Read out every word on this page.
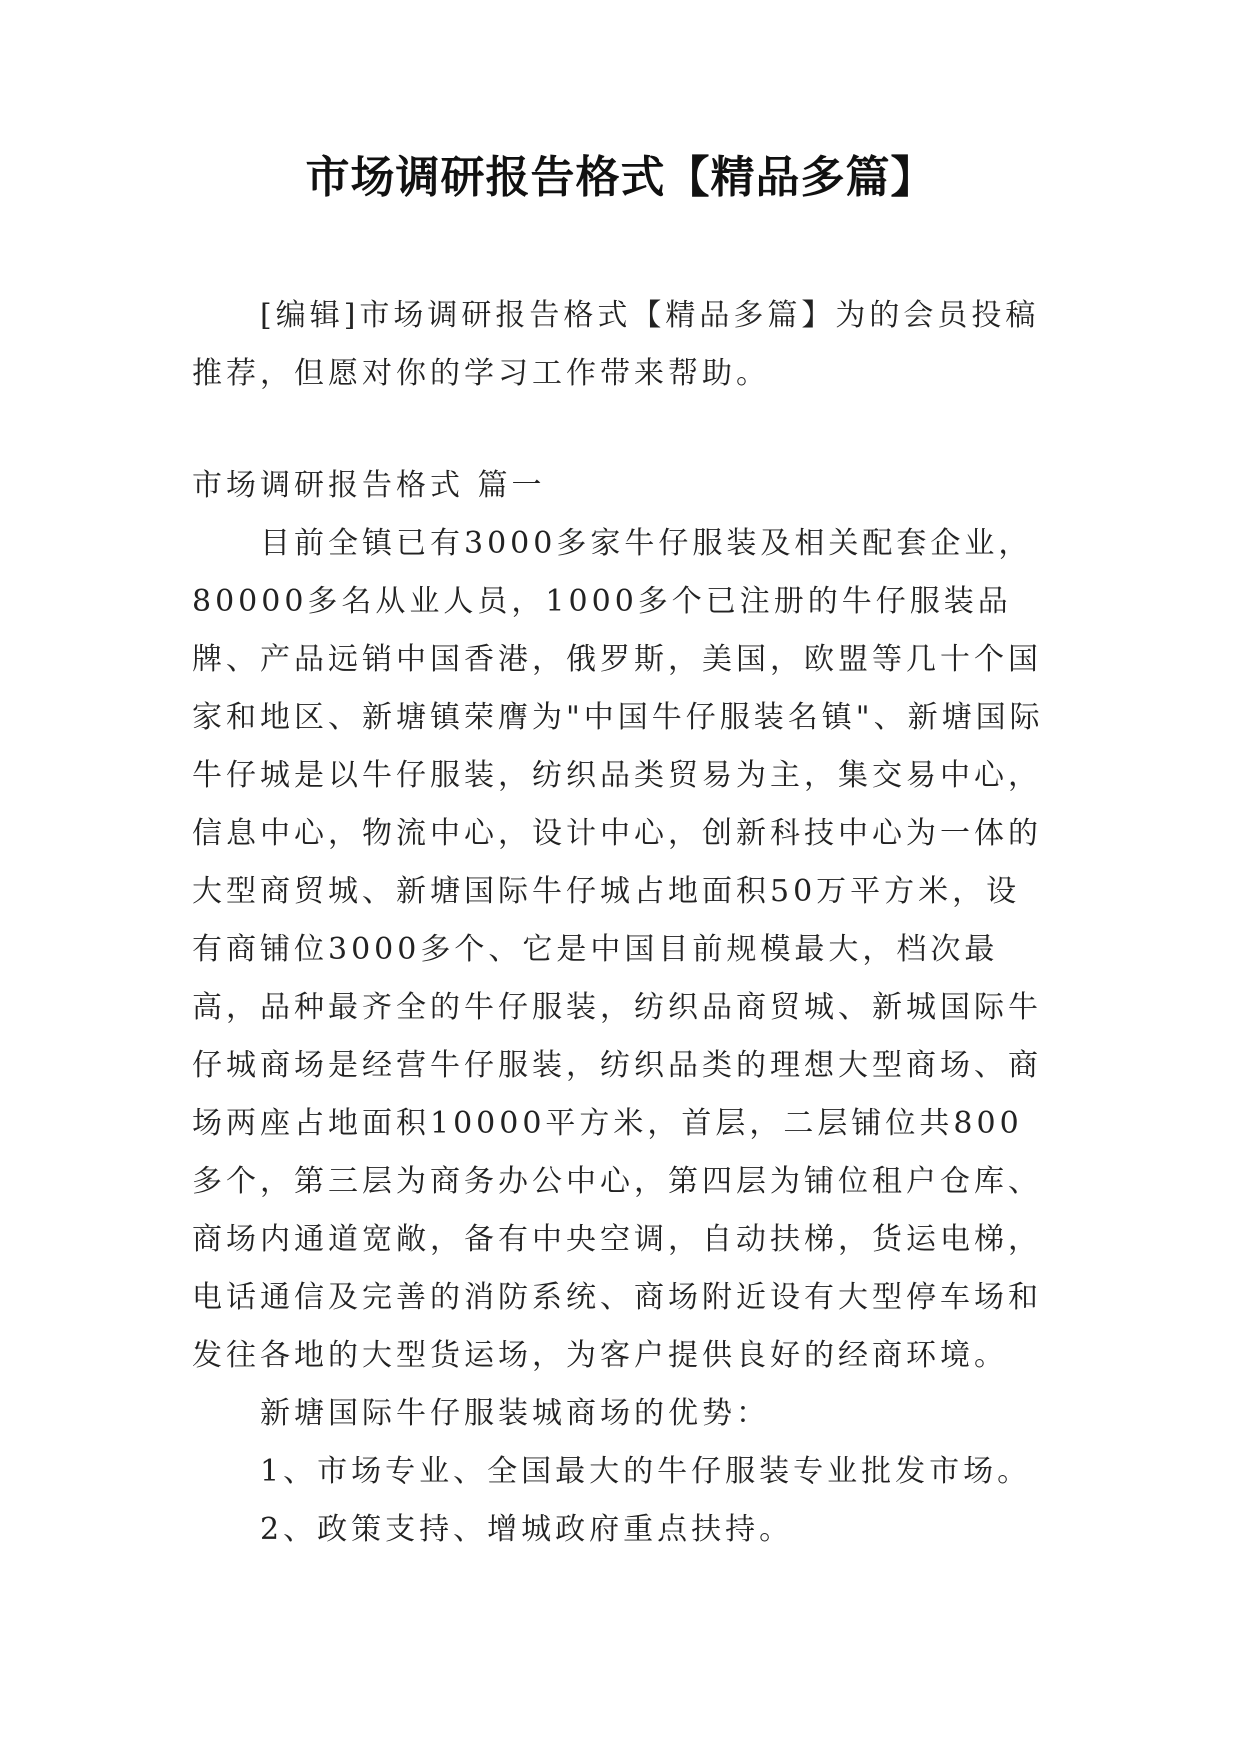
市场调研报告格式【精品多篇】

[编辑]市场调研报告格式【精品多篇】为的会员投稿推荐，但愿对你的学习工作带来帮助。

市场调研报告格式 篇一

目前全镇已有3000多家牛仔服装及相关配套企业，80000多名从业人员，1000多个已注册的牛仔服装品牌、产品远销中国香港，俄罗斯，美国，欧盟等几十个国家和地区、新塘镇荣膺为"中国牛仔服装名镇"、新塘国际牛仔城是以牛仔服装，纺织品类贸易为主，集交易中心，信息中心，物流中心，设计中心，创新科技中心为一体的大型商贸城、新塘国际牛仔城占地面积50万平方米，设有商铺位3000多个、它是中国目前规模最大，档次最高，品种最齐全的牛仔服装，纺织品商贸城、新城国际牛仔城商场是经营牛仔服装，纺织品类的理想大型商场、商场两座占地面积10000平方米，首层，二层铺位共800多个，第三层为商务办公中心，第四层为铺位租户仓库、商场内通道宽敞，备有中央空调，自动扶梯，货运电梯，电话通信及完善的消防系统、商场附近设有大型停车场和发往各地的大型货运场，为客户提供良好的经商环境。

新塘国际牛仔服装城商场的优势：

1、市场专业、全国最大的牛仔服装专业批发市场。

2、政策支持、增城政府重点扶持。
